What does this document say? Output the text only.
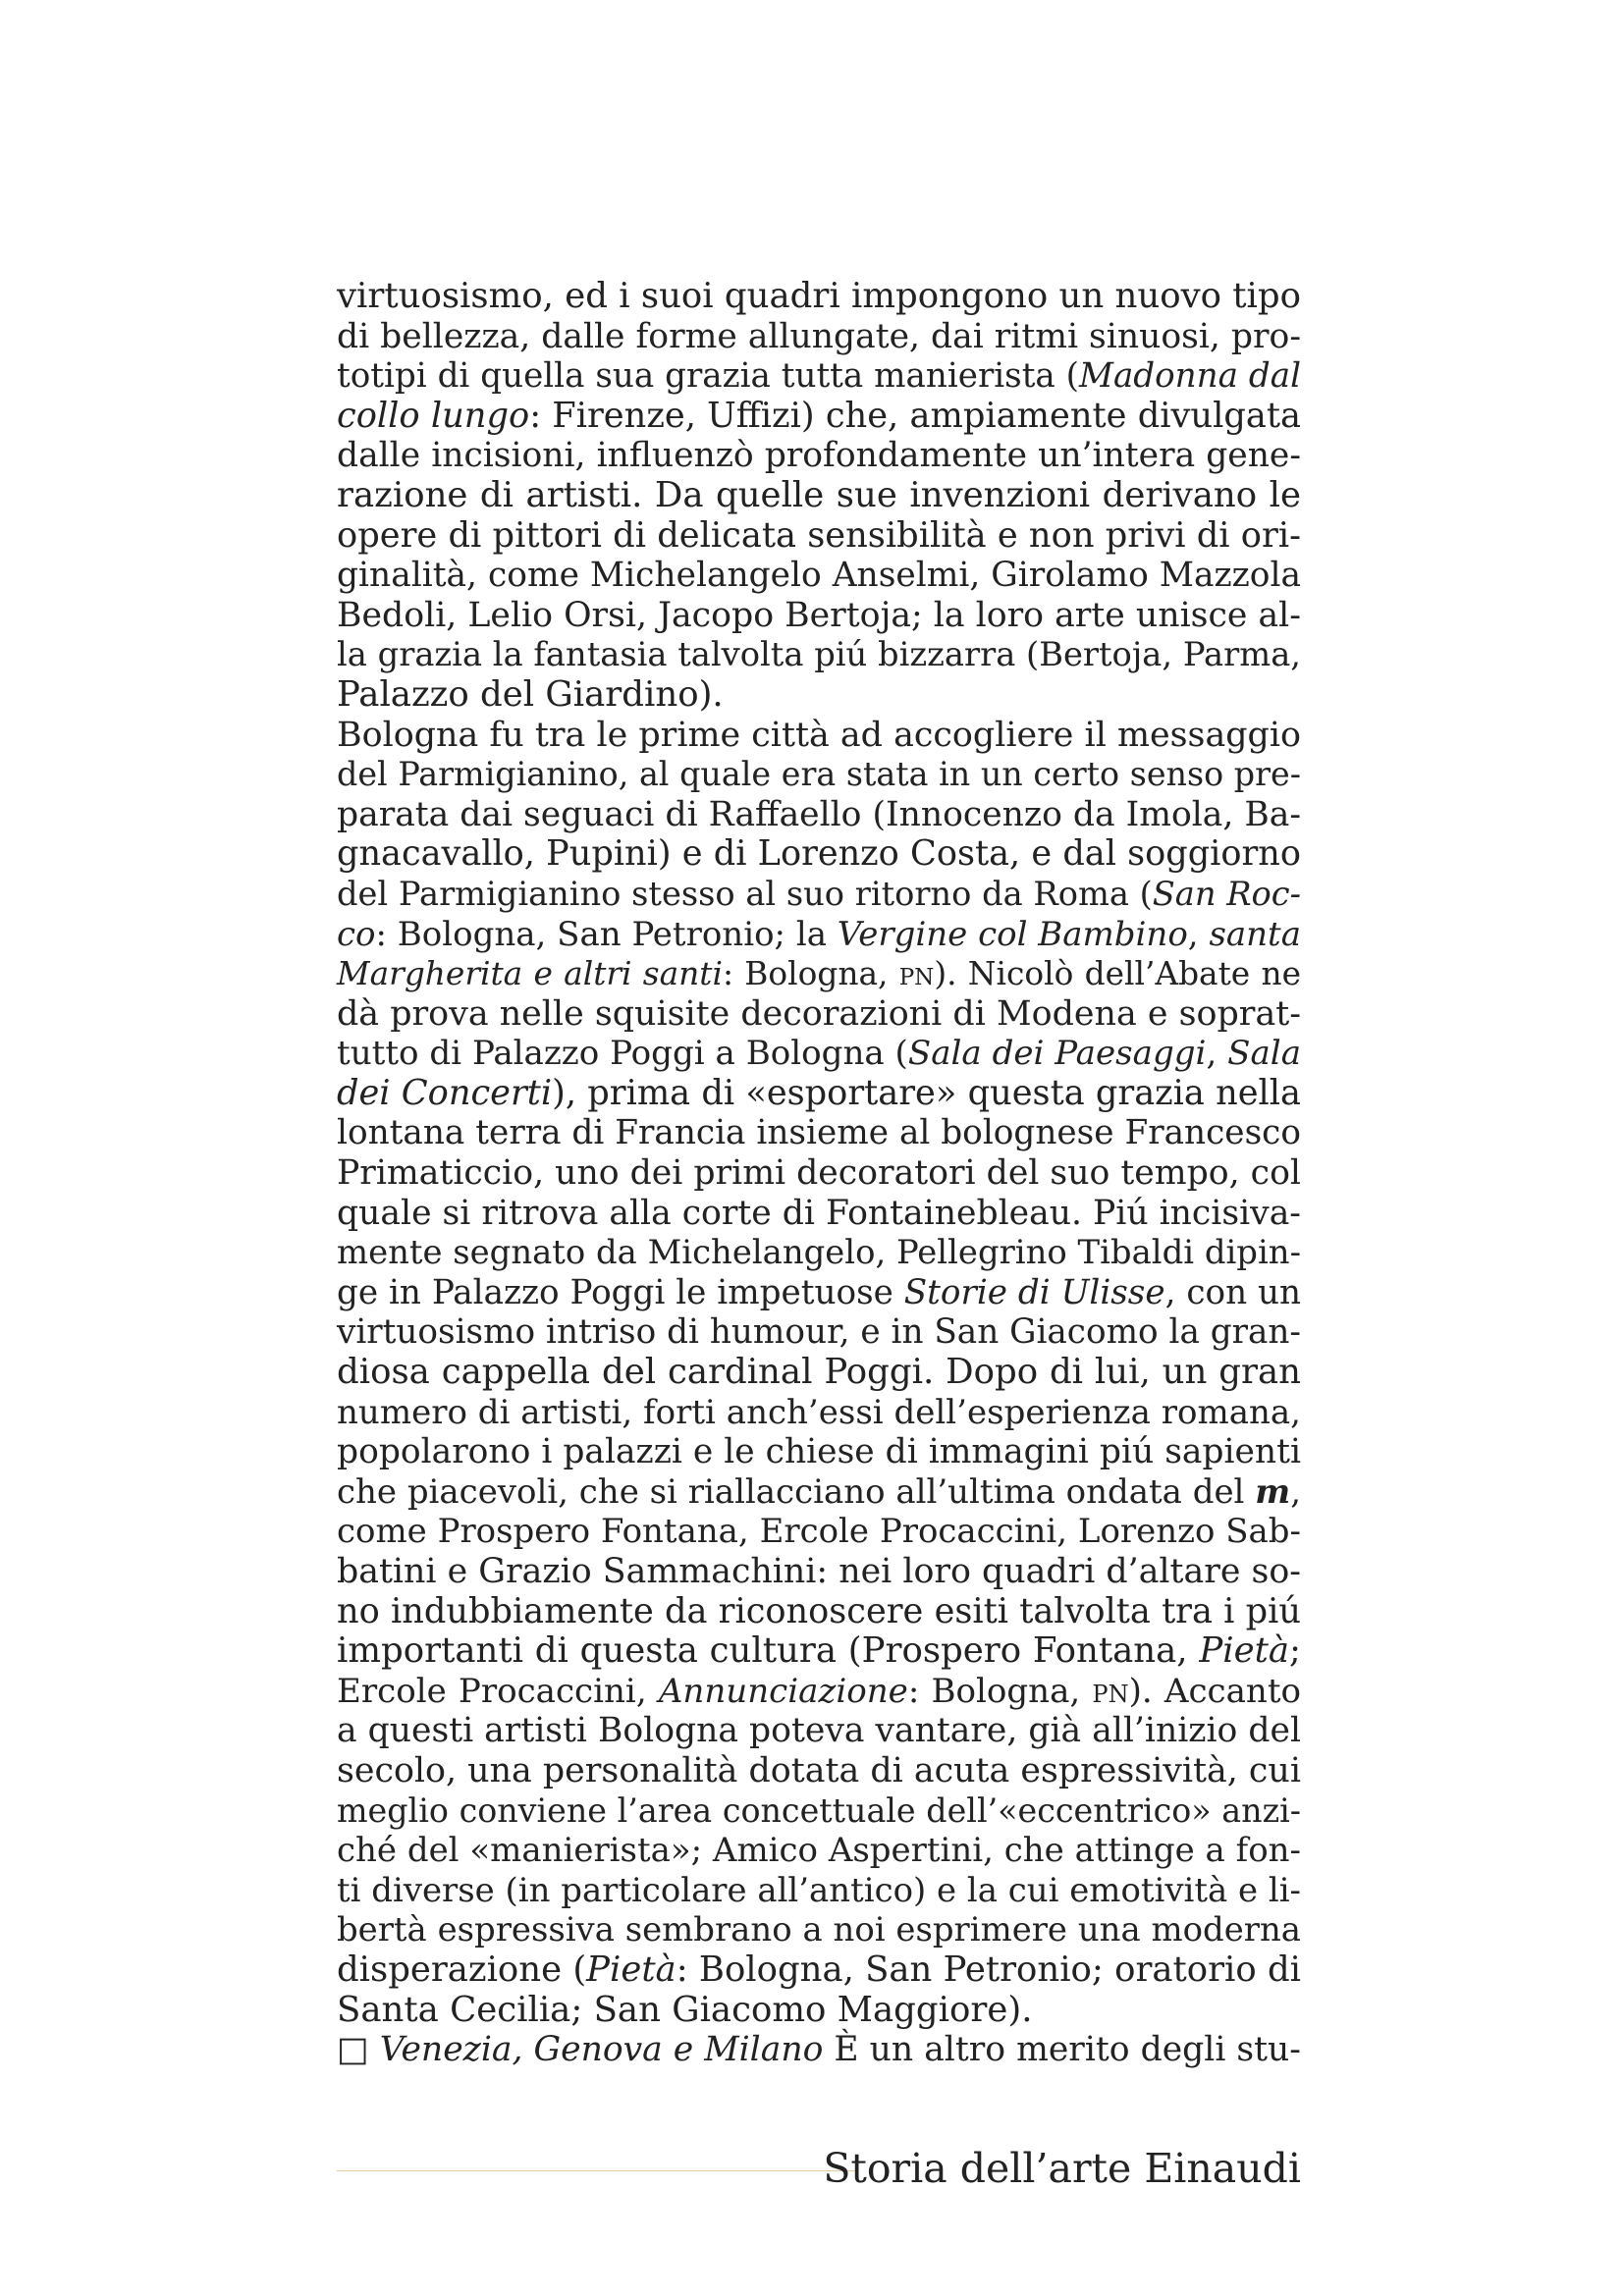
virtuosismo, ed i suoi quadri impongono un nuovo tipo
di bellezza, dalle forme allungate, dai ritmi sinuosi, pro-
totipi di quella sua grazia tutta manierista (Madonna dal
collo lungo: Firenze, Uffizi) che, ampiamente divulgata
dalle incisioni, influenzò profondamente un’intera gene-
razione di artisti. Da quelle sue invenzioni derivano le
opere di pittori di delicata sensibilità e non privi di ori-
ginalità, come Michelangelo Anselmi, Girolamo Mazzola
Bedoli, Lelio Orsi, Jacopo Bertoja; la loro arte unisce al-
la grazia la fantasia talvolta piú bizzarra (Bertoja, Parma,
Palazzo del Giardino).
Bologna fu tra le prime città ad accogliere il messaggio
del Parmigianino, al quale era stata in un certo senso pre-
parata dai seguaci di Raffaello (Innocenzo da Imola, Ba-
gnacavallo, Pupini) e di Lorenzo Costa, e dal soggiorno
del Parmigianino stesso al suo ritorno da Roma (San Roc-
co: Bologna, San Petronio; la Vergine col Bambino, santa
Margherita e altri santi: Bologna, pn). Nicolò dell’Abate ne
dà prova nelle squisite decorazioni di Modena e soprat-
tutto di Palazzo Poggi a Bologna (Sala dei Paesaggi, Sala
dei Concerti), prima di «esportare» questa grazia nella
lontana terra di Francia insieme al bolognese Francesco
Primaticcio, uno dei primi decoratori del suo tempo, col
quale si ritrova alla corte di Fontainebleau. Piú incisiva-
mente segnato da Michelangelo, Pellegrino Tibaldi dipin-
ge in Palazzo Poggi le impetuose Storie di Ulisse, con un
virtuosismo intriso di humour, e in San Giacomo la gran-
diosa cappella del cardinal Poggi. Dopo di lui, un gran
numero di artisti, forti anch’essi dell’esperienza romana,
popolarono i palazzi e le chiese di immagini piú sapienti
che piacevoli, che si riallacciano all’ultima ondata del m,
come Prospero Fontana, Ercole Procaccini, Lorenzo Sab-
batini e Grazio Sammachini: nei loro quadri d’altare so-
no indubbiamente da riconoscere esiti talvolta tra i piú
importanti di questa cultura (Prospero Fontana, Pietà;
Ercole Procaccini, Annunciazione: Bologna, pn). Accanto
a questi artisti Bologna poteva vantare, già all’inizio del
secolo, una personalità dotata di acuta espressività, cui
meglio conviene l’area concettuale dell’«eccentrico» anzi-
ché del «manierista»; Amico Aspertini, che attinge a fon-
ti diverse (in particolare all’antico) e la cui emotività e li-
bertà espressiva sembrano a noi esprimere una moderna
disperazione (Pietà: Bologna, San Petronio; oratorio di
Santa Cecilia; San Giacomo Maggiore).
□ Venezia, Genova e Milano È un altro merito degli stu-
Storia dell’arte Einaudi
